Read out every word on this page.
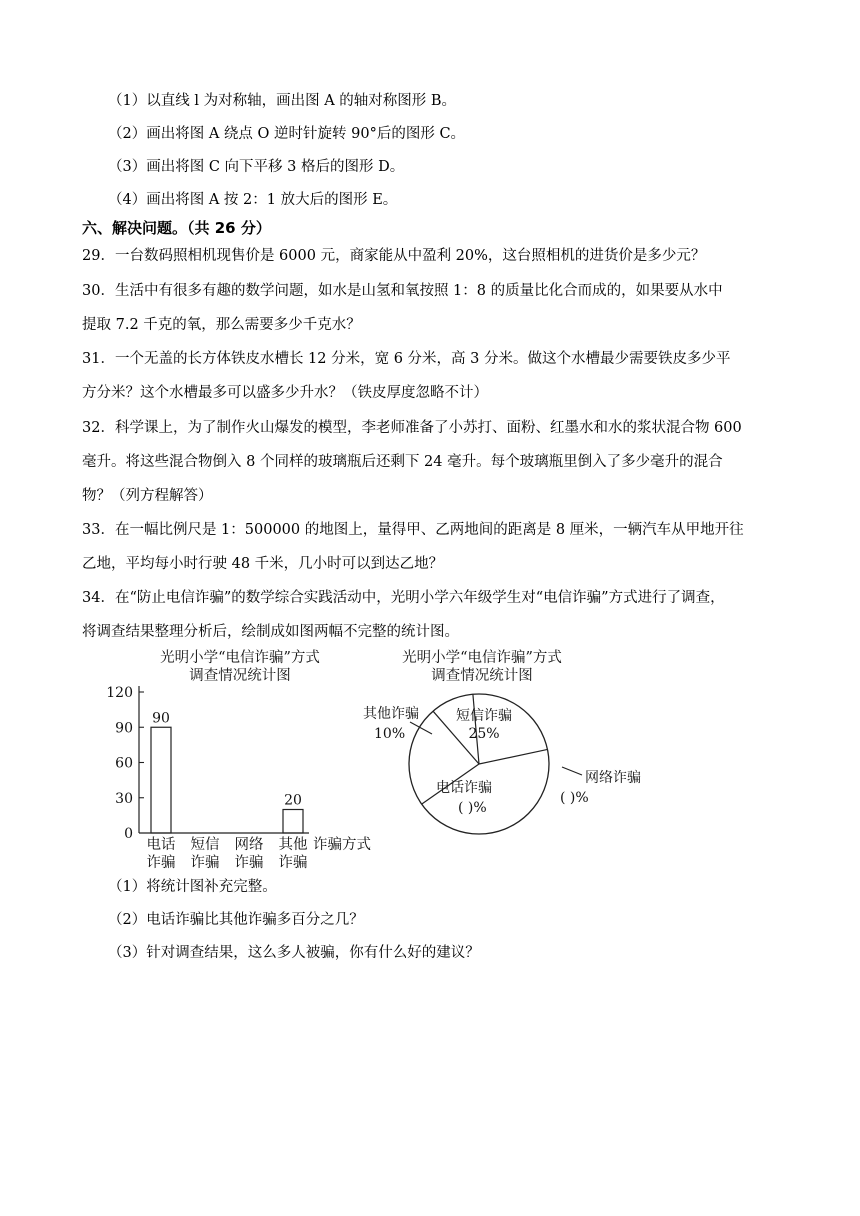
（1）以直线 l 为对称轴，画出图 A 的轴对称图形 B。
（2）画出将图 A 绕点 O 逆时针旋转 90°后的图形 C。
（3）画出将图 C 向下平移 3 格后的图形 D。
（4）画出将图 A 按 2：1 放大后的图形 E。
六、解决问题。（共 26 分）
29．一台数码照相机现售价是 6000 元，商家能从中盈利 20%，这台照相机的进货价是多少元？
30．生活中有很多有趣的数学问题，如水是山氢和氧按照 1：8 的质量比化合而成的，如果要从水中
提取 7.2 千克的氧，那么需要多少千克水？
31．一个无盖的长方体铁皮水槽长 12 分米，宽 6 分米，高 3 分米。做这个水槽最少需要铁皮多少平
方分米？这个水槽最多可以盛多少升水？（铁皮厚度忽略不计）
32．科学课上，为了制作火山爆发的模型，李老师准备了小苏打、面粉、红墨水和水的浆状混合物 600
毫升。将这些混合物倒入 8 个同样的玻璃瓶后还剩下 24 毫升。每个玻璃瓶里倒入了多少毫升的混合
物？（列方程解答）
33．在一幅比例尺是 1：500000 的地图上，量得甲、乙两地间的距离是 8 厘米，一辆汽车从甲地开往
乙地，平均每小时行驶 48 千米，几小时可以到达乙地？
34．在“防止电信诈骗”的数学综合实践活动中，光明小学六年级学生对“电信诈骗”方式进行了调查，
将调查结果整理分析后，绘制成如图两幅不完整的统计图。
光明小学“电信诈骗”方式
调查情况统计图
0
30
60
90
120
90
20
电话
诈骗
短信
诈骗
网络
诈骗
其他
诈骗
诈骗方式
光明小学“电信诈骗”方式
调查情况统计图
短信诈骗
25%
网络诈骗
( )%
电话诈骗
( )%
其他诈骗
10%
（1）将统计图补充完整。
（2）电话诈骗比其他诈骗多百分之几？
（3）针对调查结果，这么多人被骗，你有什么好的建议？
